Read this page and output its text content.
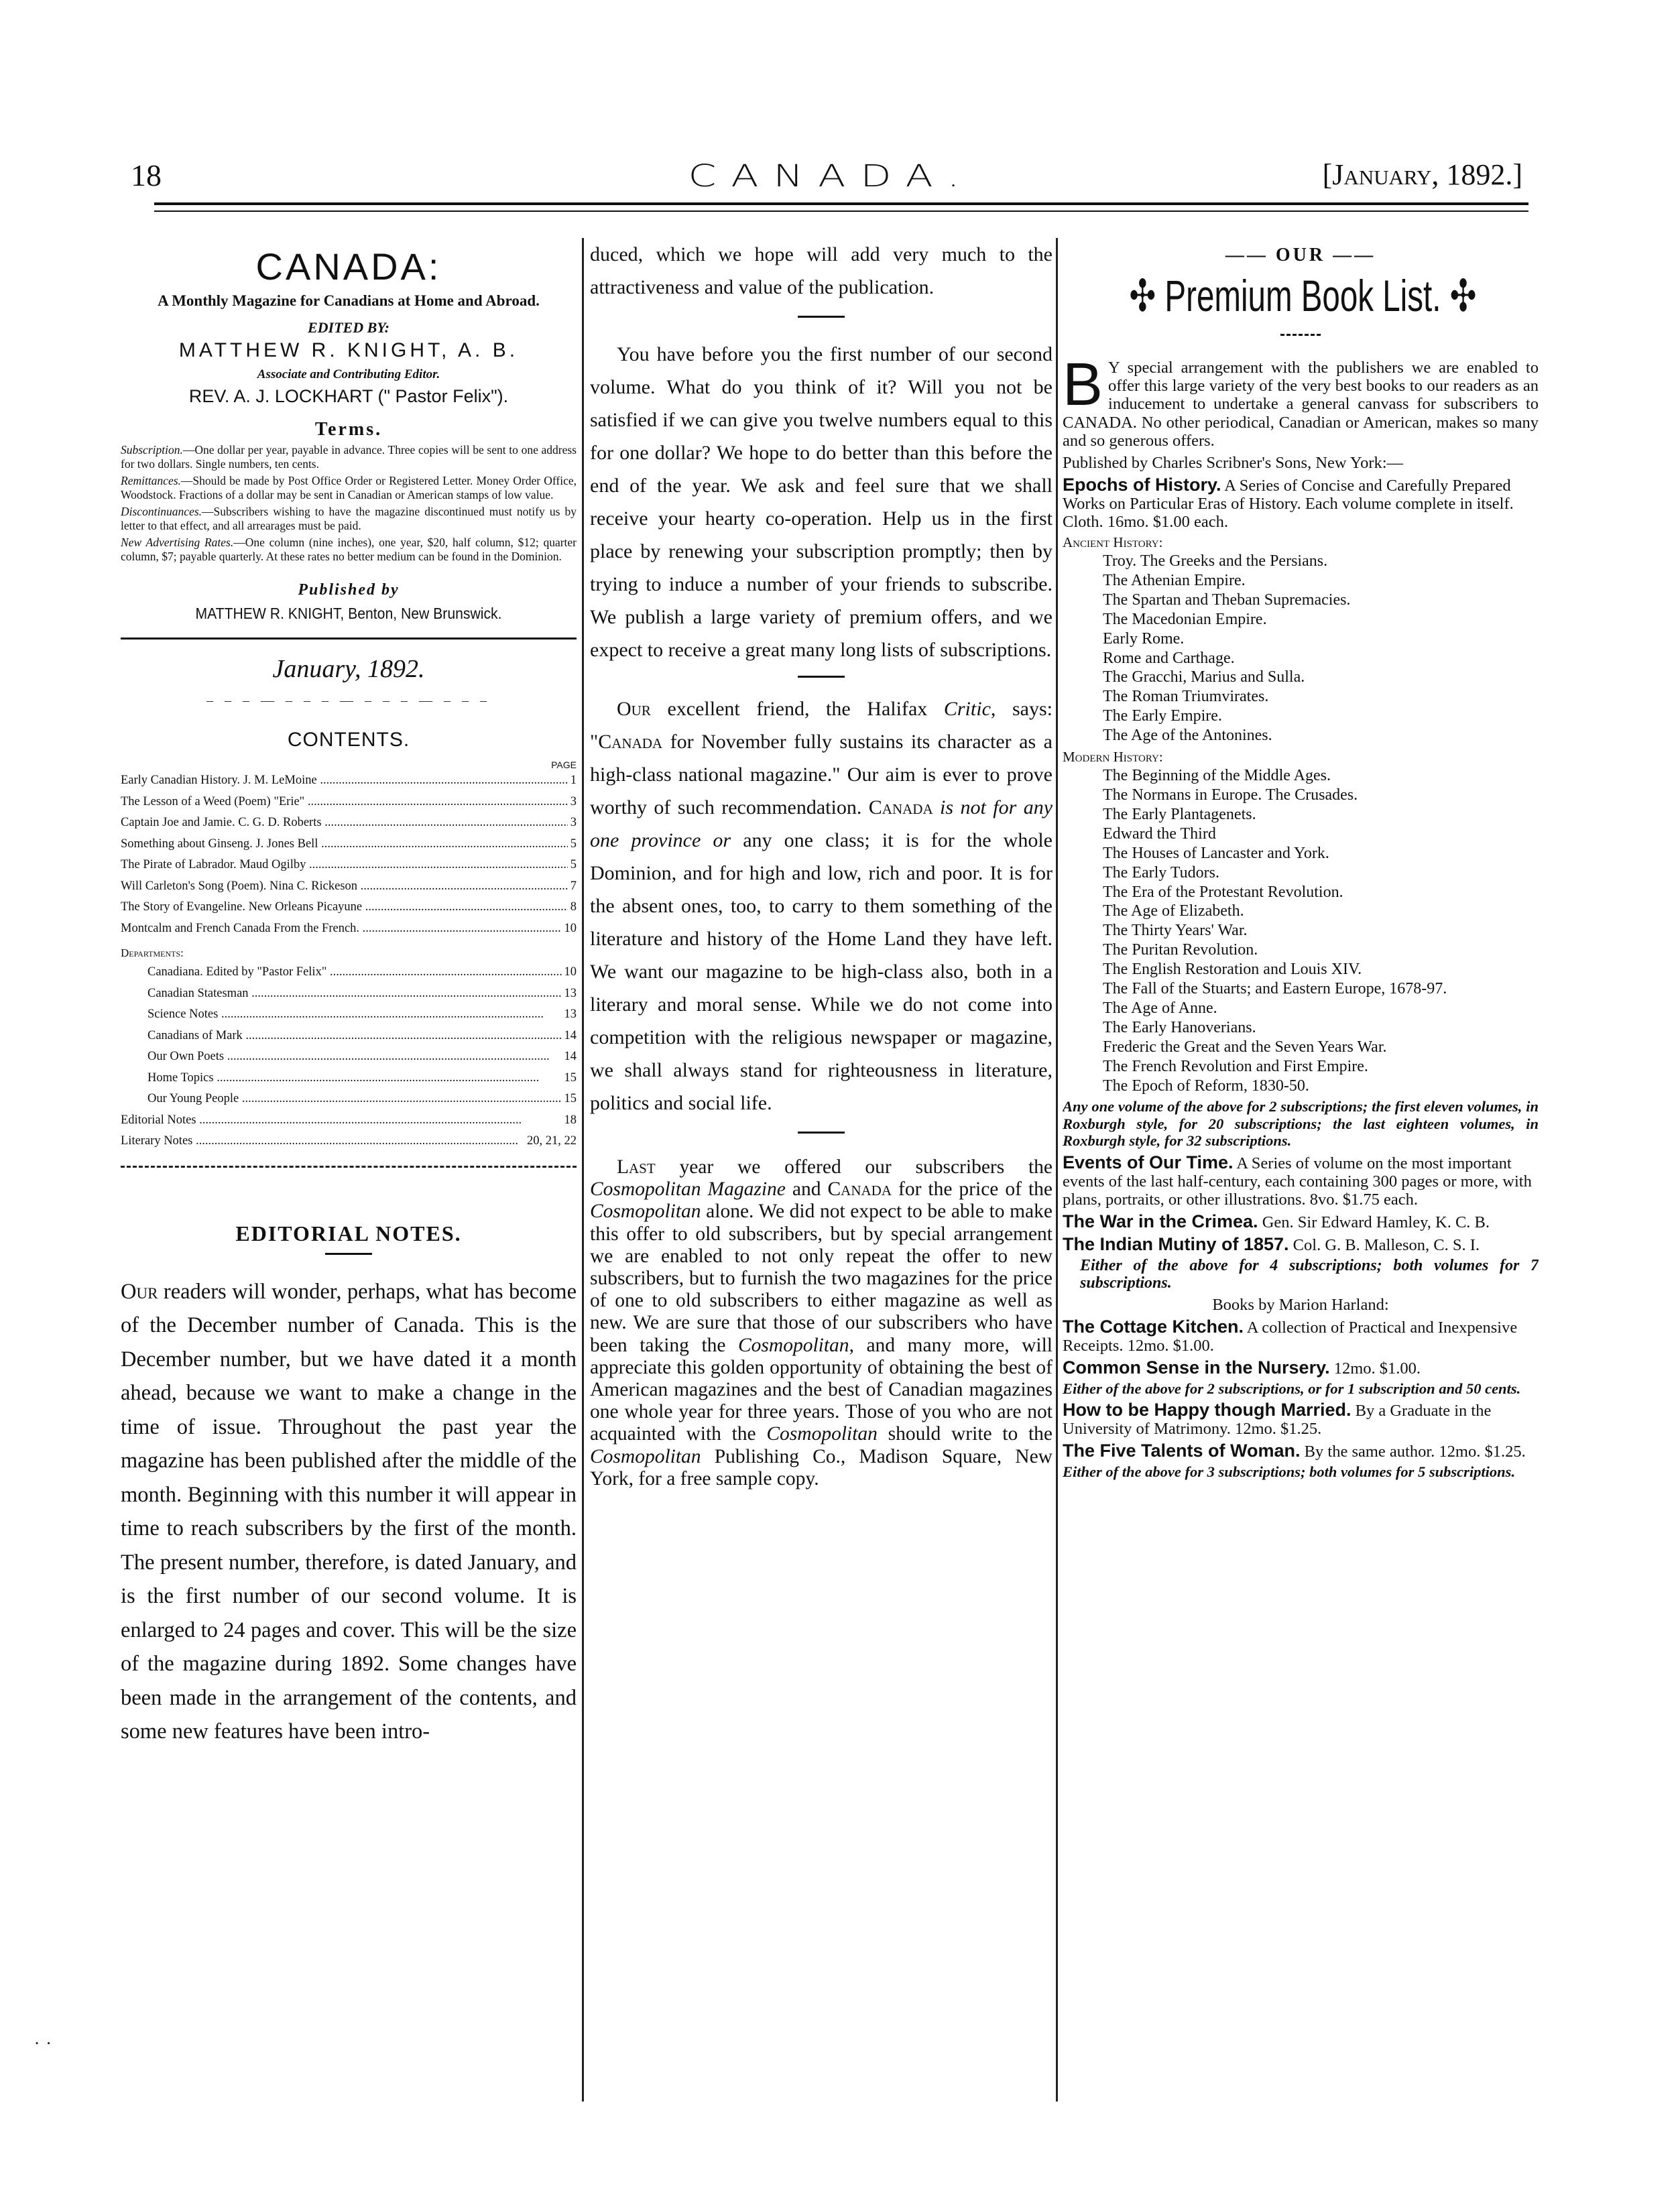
18	CANADA.	[January, 1892.]
CANADA:
A Monthly Magazine for Canadians at Home and Abroad.
EDITED BY:
MATTHEW R. KNIGHT, A. B.
Associate and Contributing Editor.
REV. A. J. LOCKHART (" Pastor Felix").
Terms.

Subscription.—One dollar per year, payable in advance. Three copies will be sent to one address for two dollars. Single numbers, ten cents.

Remittances.—Should be made by Post Office Order or Registered Letter. Money Order Office, Woodstock. Fractions of a dollar may be sent in Canadian or American stamps of low value.

Discontinuances.—Subscribers wishing to have the magazine discontinued must notify us by letter to that effect, and all arrearages must be paid.

New Advertising Rates.—One column (nine inches), one year, $20, half column, $12; quarter column, $7; payable quarterly. At these rates no better medium can be found in the Dominion.

Published by
MATTHEW R. KNIGHT, Benton, New Brunswick.
January, 1892.
‒ ‒ ‒ — ‒ ‒ ‒ — ‒ ‒ ‒ — ‒ ‒ ‒
CONTENTS.
PAGE
Early Canadian History. J. M. LeMoine .....	1
The Lesson of a Weed (Poem) "Erie" .....	3
Captain Joe and Jamie. C. G. D. Roberts .....	3
Something about Ginseng. J. Jones Bell .....	5
The Pirate of Labrador. Maud Ogilby .....	5
Will Carleton's Song (Poem). Nina C. Rickeson .....	7
The Story of Evangeline. New Orleans Picayune .....	8
Montcalm and French Canada From the French. .....	10
Departments:
Canadiana. Edited by "Pastor Felix" .....	10
Canadian Statesman .....	13
Science Notes .....	13
Canadians of Mark .....	14
Our Own Poets .....	14
Home Topics .....	15
Our Young People .....	15
Editorial Notes .....	18
Literary Notes .....	20, 21, 22
EDITORIAL NOTES.

Our readers will wonder, perhaps, what has become of the December number of Canada. This is the December number, but we have dated it a month ahead, because we want to make a change in the time of issue. Throughout the past year the magazine has been published after the middle of the month. Beginning with this number it will appear in time to reach subscribers by the first of the month. The present number, therefore, is dated January, and is the first number of our second volume. It is enlarged to 24 pages and cover. This will be the size of the magazine during 1892. Some changes have been made in the arrangement of the contents, and some new features have been intro-

duced, which we hope will add very much to the attractiveness and value of the publication.

You have before you the first number of our second volume. What do you think of it? Will you not be satisfied if we can give you twelve numbers equal to this for one dollar? We hope to do better than this before the end of the year. We ask and feel sure that we shall receive your hearty co-operation. Help us in the first place by renewing your subscription promptly; then by trying to induce a number of your friends to subscribe. We publish a large variety of premium offers, and we expect to receive a great many long lists of subscriptions.

Our excellent friend, the Halifax Critic, says: "Canada for November fully sustains its character as a high-class national magazine." Our aim is ever to prove worthy of such recommendation. Canada is not for any one province or any one class; it is for the whole Dominion, and for high and low, rich and poor. It is for the absent ones, too, to carry to them something of the literature and history of the Home Land they have left. We want our magazine to be high-class also, both in a literary and moral sense. While we do not come into competition with the religious newspaper or magazine, we shall always stand for righteousness in literature, politics and social life.

Last year we offered our subscribers the Cosmopolitan Magazine and Canada for the price of the Cosmopolitan alone. We did not expect to be able to make this offer to old subscribers, but by special arrangement we are enabled to not only repeat the offer to new subscribers, but to furnish the two magazines for the price of one to old subscribers to either magazine as well as new. We are sure that those of our subscribers who have been taking the Cosmopolitan, and many more, will appreciate this golden opportunity of obtaining the best of American magazines and the best of Canadian magazines one whole year for three years. Those of you who are not acquainted with the Cosmopolitan should write to the Cosmopolitan Publishing Co., Madison Square, New York, for a free sample copy.

—— OUR ——
✣ Premium Book List. ✣
B Y special arrangement with the publishers we are enabled to offer this large variety of the very best books to our readers as an inducement to undertake a general canvass for subscribers to CANADA. No other periodical, Canadian or American, makes so many and so generous offers.
Published by Charles Scribner's Sons, New York:—
Epochs of History. A Series of Concise and Carefully Prepared Works on Particular Eras of History. Each volume complete in itself. Cloth. 16mo. $1.00 each.
Ancient History:
Troy. The Greeks and the Persians.
The Athenian Empire.
The Spartan and Theban Supremacies.
The Macedonian Empire.
Early Rome.
Rome and Carthage.
The Gracchi, Marius and Sulla.
The Roman Triumvirates.
The Early Empire.
The Age of the Antonines.
Modern History:
The Beginning of the Middle Ages.
The Normans in Europe. The Crusades.
The Early Plantagenets.
Edward the Third
The Houses of Lancaster and York.
The Early Tudors.
The Era of the Protestant Revolution.
The Age of Elizabeth.
The Thirty Years' War.
The Puritan Revolution.
The English Restoration and Louis XIV.
The Fall of the Stuarts; and Eastern Europe, 1678-97.
The Age of Anne.
The Early Hanoverians.
Frederic the Great and the Seven Years War.
The French Revolution and First Empire.
The Epoch of Reform, 1830-50.
Any one volume of the above for 2 subscriptions; the first eleven volumes, in Roxburgh style, for 20 subscriptions; the last eighteen volumes, in Roxburgh style, for 32 subscriptions.
Events of Our Time. A Series of volume on the most important events of the last half-century, each containing 300 pages or more, with plans, portraits, or other illustrations. 8vo. $1.75 each.
The War in the Crimea. Gen. Sir Edward Hamley, K. C. B.
The Indian Mutiny of 1857. Col. G. B. Malleson, C. S. I.
Either of the above for 4 subscriptions; both volumes for 7 subscriptions.
Books by Marion Harland:
The Cottage Kitchen. A collection of Practical and Inexpensive Receipts. 12mo. $1.00.
Common Sense in the Nursery. 12mo. $1.00.
Either of the above for 2 subscriptions, or for 1 subscription and 50 cents.
How to be Happy though Married. By a Graduate in the University of Matrimony. 12mo. $1.25.
The Five Talents of Woman. By the same author. 12mo. $1.25.
Either of the above for 3 subscriptions; both volumes for 5 subscriptions.
˙ ˙
